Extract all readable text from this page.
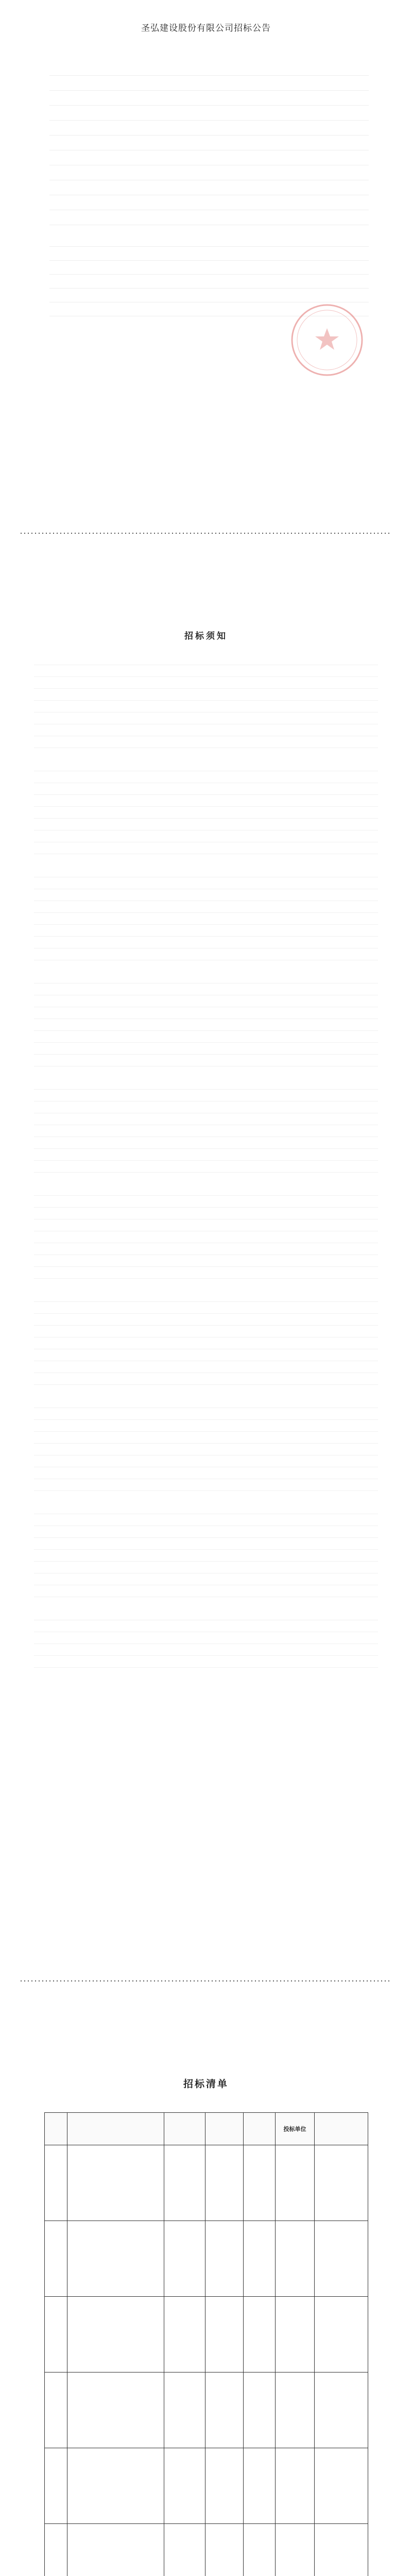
圣弘建设股份有限公司招标公告
招标须知
招标清单
					投标单位	
